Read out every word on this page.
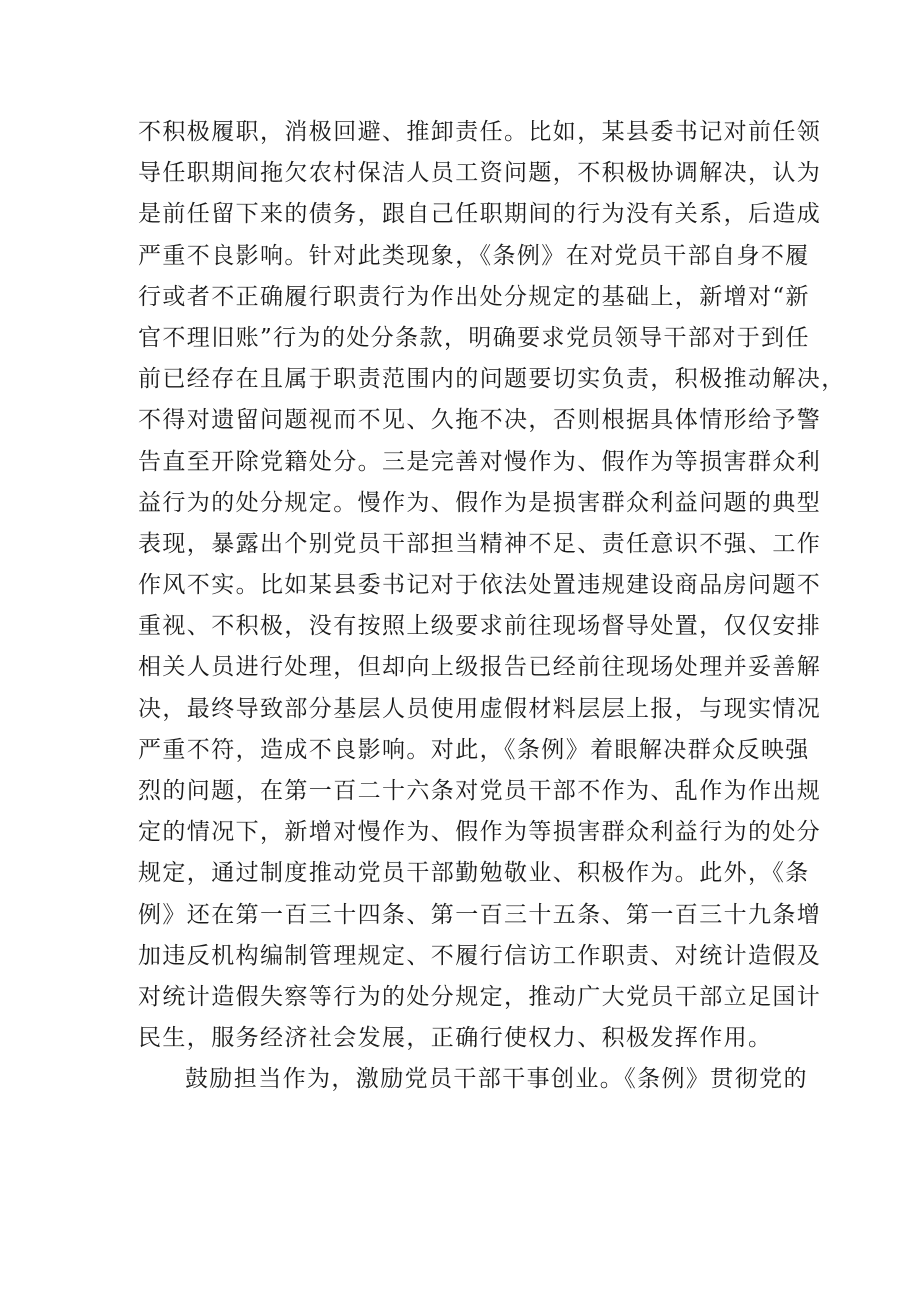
不积极履职，消极回避、推卸责任。比如，某县委书记对前任领
导任职期间拖欠农村保洁人员工资问题，不积极协调解决，认为
是前任留下来的债务，跟自己任职期间的行为没有关系，后造成
严重不良影响。针对此类现象，《条例》在对党员干部自身不履
行或者不正确履行职责行为作出处分规定的基础上，新增对“新
官不理旧账”行为的处分条款，明确要求党员领导干部对于到任
前已经存在且属于职责范围内的问题要切实负责，积极推动解决，
不得对遗留问题视而不见、久拖不决，否则根据具体情形给予警
告直至开除党籍处分。三是完善对慢作为、假作为等损害群众利
益行为的处分规定。慢作为、假作为是损害群众利益问题的典型
表现，暴露出个别党员干部担当精神不足、责任意识不强、工作
作风不实。比如某县委书记对于依法处置违规建设商品房问题不
重视、不积极，没有按照上级要求前往现场督导处置，仅仅安排
相关人员进行处理，但却向上级报告已经前往现场处理并妥善解
决，最终导致部分基层人员使用虚假材料层层上报，与现实情况
严重不符，造成不良影响。对此，《条例》着眼解决群众反映强
烈的问题，在第一百二十六条对党员干部不作为、乱作为作出规
定的情况下，新增对慢作为、假作为等损害群众利益行为的处分
规定，通过制度推动党员干部勤勉敬业、积极作为。此外，《条
例》还在第一百三十四条、第一百三十五条、第一百三十九条增
加违反机构编制管理规定、不履行信访工作职责、对统计造假及
对统计造假失察等行为的处分规定，推动广大党员干部立足国计
民生，服务经济社会发展，正确行使权力、积极发挥作用。
鼓励担当作为，激励党员干部干事创业。《条例》贯彻党的
